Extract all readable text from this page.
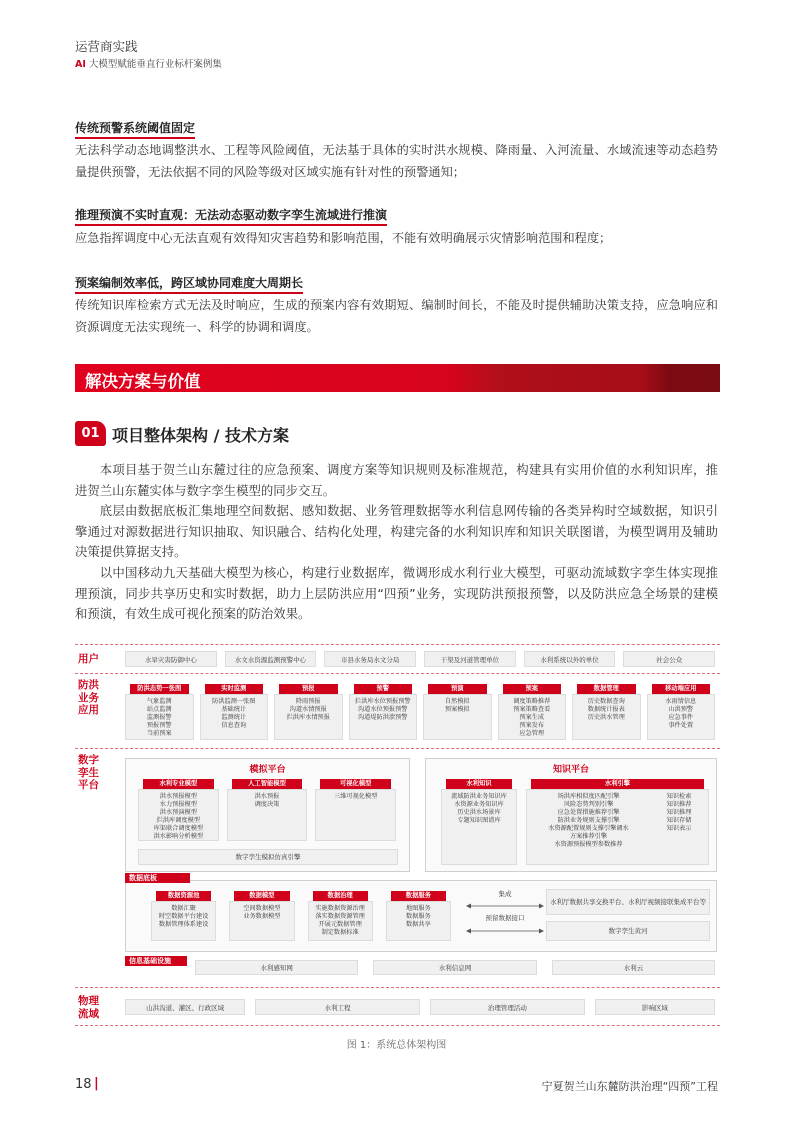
运营商实践
AI 大模型赋能垂直行业标杆案例集
传统预警系统阈值固定

无法科学动态地调整洪水、工程等风险阈值，无法基于具体的实时洪水规模、降雨量、入河流量、水域流速等动态趋势量提供预警，无法依据不同的风险等级对区域实施有针对性的预警通知；

推理预演不实时直观：无法动态驱动数字孪生流域进行推演

应急指挥调度中心无法直观有效得知灾害趋势和影响范围，不能有效明确展示灾情影响范围和程度；

预案编制效率低，跨区域协同难度大周期长

传统知识库检索方式无法及时响应，生成的预案内容有效期短、编制时间长，不能及时提供辅助决策支持，应急响应和资源调度无法实现统一、科学的协调和调度。

解决方案与价值
01 项目整体架构 / 技术方案

本项目基于贺兰山东麓过往的应急预案、调度方案等知识规则及标准规范，构建具有实用价值的水利知识库，推进贺兰山东麓实体与数字孪生模型的同步交互。

底层由数据底板汇集地理空间数据、感知数据、业务管理数据等水利信息网传输的各类异构时空域数据，知识引擎通过对源数据进行知识抽取、知识融合、结构化处理，构建完备的水利知识库和知识关联图谱，为模型调用及辅助决策提供算据支持。

以中国移动九天基础大模型为核心，构建行业数据库，微调形成水利行业大模型，可驱动流域数字孪生体实现推理预演，同步共享历史和实时数据，助力上层防洪应用“四预”业务，实现防洪预报预警，以及防洪应急全场景的建模和预演，有效生成可视化预案的防治效果。

用户	水旱灾害防御中心	水文水资源监测预警中心	市县水务局水文分局	干渠及河道管理单位	水利系统以外的单位	社会公众
防洪业务应用
防洪态势一张图
气象监测
站点监测
监测报警
预报预警
当前预案
实时监测
防洪监测一张图
基础统计
监测统计
信息查询
预报
降雨预报
沟道水情预报
拦洪库水情预报
预警
拦洪库水位预报预警
沟道水位预报预警
沟道堤防洪溃预警
预演
自然模拟
预案模拟
预案
调度策略推荐
预案策略查看
预案生成
预案发布
应急管理
数据管理
历史数据查询
数据统计报表
历史洪水管理
移动端应用
水雨情信息
山洪预警
应急事件
事件处置
数字孪生平台
模拟平台
水利专业模型
洪水预报模型
水力预报模型
洪水预演模型
拦洪库调度模型
库渠联合调度模型
洪水影响分析模型
人工智能模型
洪水预报
调度决策
可视化模型
三维可视化模型
数字孪生模拟仿真引擎
知识平台
水利知识
流域防洪业务知识库
水资源业务知识库
历史洪水场景库
专题知识图谱库
水利引擎
场洪库相似度匹配引擎
风险态势判别引擎
应急处置措施推荐引擎
防洪业务规则支撑引擎
水资源配置规则支撑引擎调水
方案推荐引擎
水资源预报模型参数推荐
知识检索
知识推荐
知识推理
知识存储
知识表示
数据资源池
数据汇聚
时空数据平台建设
数据管理体系建设
数据模型
空间数据模型
业务数据模型
数据治理
实施数据资源治理
落实数据资源管理
开展元数据管理
制定数据标准
数据服务
地图服务
数据服务
数据共享
集成
预留数据接口
水利厅数据共享交换平台、水利厅视频接联集成平台等
数字孪生黄河
数据底板
信息基础设施
水利感知网	水利信息网	水利云
物理流域	山洪沟道、灌区、行政区域	水利工程	治理管理活动	影响区域
图 1：系统总体架构图
18 |	宁夏贺兰山东麓防洪治理“四预”工程
